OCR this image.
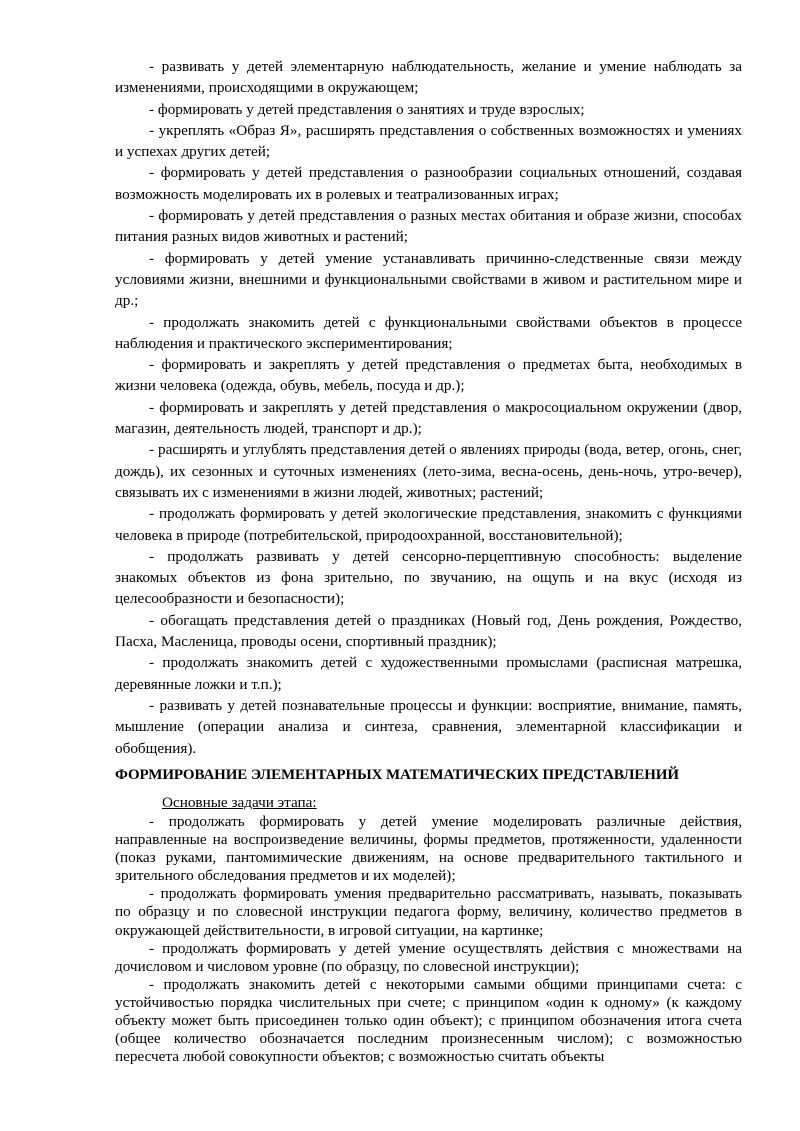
- развивать у детей элементарную наблюдательность, желание и умение наблюдать за изменениями, происходящими в окружающем;

- формировать у детей представления о занятиях и труде взрослых;

- укреплять «Образ Я», расширять представления о собственных возможностях и умениях и успехах других детей;

- формировать у детей представления о разнообразии социальных отношений, создавая возможность моделировать их в ролевых и театрализованных играх;

- формировать у детей представления о разных местах обитания и образе жизни, способах питания разных видов животных и растений;

- формировать у детей умение устанавливать причинно-следственные связи между условиями жизни, внешними и функциональными свойствами в живом и растительном мире и др.;

- продолжать знакомить детей с функциональными свойствами объектов в процессе наблюдения и практического экспериментирования;

- формировать и закреплять у детей представления о предметах быта, необходимых в жизни человека (одежда, обувь, мебель, посуда и др.);

- формировать и закреплять у детей представления о макросоциальном окружении (двор, магазин, деятельность людей, транспорт и др.);

- расширять и углублять представления детей о явлениях природы (вода, ветер, огонь, снег, дождь), их сезонных и суточных изменениях (лето-зима, весна-осень, день-ночь, утро-вечер), связывать их с изменениями в жизни людей, животных; растений;

- продолжать формировать у детей экологические представления, знакомить с функциями человека в природе (потребительской, природоохранной, восстановительной);

- продолжать развивать у детей сенсорно-перцептивную способность: выделение знакомых объектов из фона зрительно, по звучанию, на ощупь и на вкус (исходя из целесообразности и безопасности);

- обогащать представления детей о праздниках (Новый год, День рождения, Рождество, Пасха, Масленица, проводы осени, спортивный праздник);

- продолжать знакомить детей с художественными промыслами (расписная матрешка, деревянные ложки и т.п.);

- развивать у детей познавательные процессы и функции: восприятие, внимание, память, мышление (операции анализа и синтеза, сравнения, элементарной классификации и обобщения).

ФОРМИРОВАНИЕ ЭЛЕМЕНТАРНЫХ МАТЕМАТИЧЕСКИХ ПРЕДСТАВЛЕНИЙ
Основные задачи этапа:

- продолжать формировать у детей умение моделировать различные действия, направленные на воспроизведение величины, формы предметов, протяженности, удаленности (показ руками, пантомимические движениям, на основе предварительного тактильного и зрительного обследования предметов и их моделей);

- продолжать формировать умения предварительно рассматривать, называть, показывать по образцу и по словесной инструкции педагога форму, величину, количество предметов в окружающей действительности, в игровой ситуации, на картинке;

- продолжать формировать у детей умение осуществлять действия с множествами на дочисловом и числовом уровне (по образцу, по словесной инструкции);

- продолжать знакомить детей с некоторыми самыми общими принципами счета: с устойчивостью порядка числительных при счете; с принципом «один к одному» (к каждому объекту может быть присоединен только один объект); с принципом обозначения итога счета (общее количество обозначается последним произнесенным числом); с возможностью пересчета любой совокупности объектов; с возможностью считать объекты
